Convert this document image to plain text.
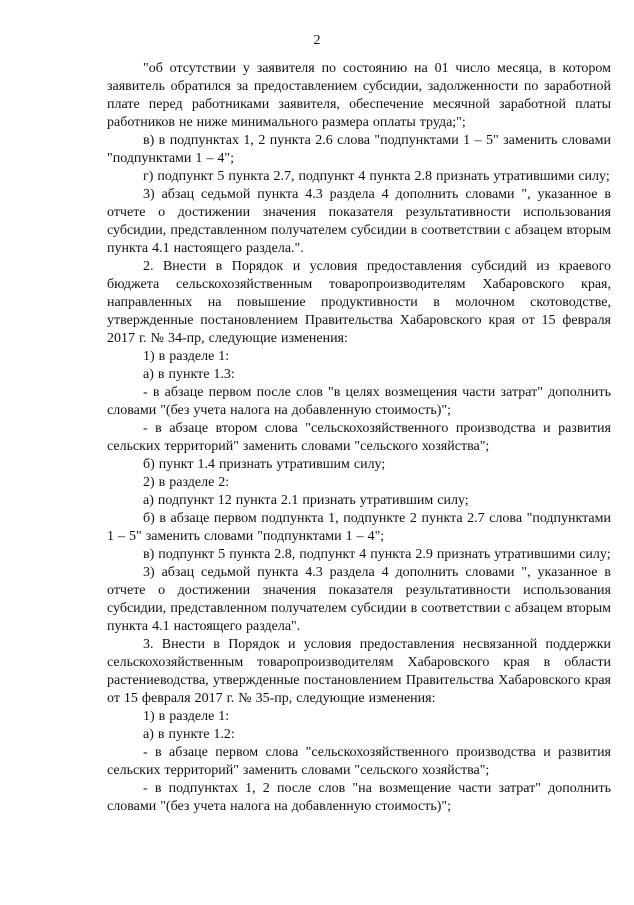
2

"об отсутствии у заявителя по состоянию на 01 число месяца, в котором заявитель обратился за предоставлением субсидии, задолженности по заработной плате перед работниками заявителя, обеспечение месячной заработной платы работников не ниже минимального размера оплаты труда;";

в) в подпунктах 1, 2 пункта 2.6 слова "подпунктами 1 – 5" заменить словами "подпунктами 1 – 4";

г) подпункт 5 пункта 2.7, подпункт 4 пункта 2.8 признать утратившими силу;

3) абзац седьмой пункта 4.3 раздела 4 дополнить словами ", указанное в отчете о достижении значения показателя результативности использования субсидии, представленном получателем субсидии в соответствии с абзацем вторым пункта 4.1 настоящего раздела.".

2. Внести в Порядок и условия предоставления субсидий из краевого бюджета сельскохозяйственным товаропроизводителям Хабаровского края, направленных на повышение продуктивности в молочном скотоводстве, утвержденные постановлением Правительства Хабаровского края от 15 февраля 2017 г. № 34-пр, следующие изменения:

1) в разделе 1:

а) в пункте 1.3:

- в абзаце первом после слов "в целях возмещения части затрат" дополнить словами "(без учета налога на добавленную стоимость)";

- в абзаце втором слова "сельскохозяйственного производства и развития сельских территорий" заменить словами "сельского хозяйства";

б) пункт 1.4 признать утратившим силу;

2) в разделе 2:

а) подпункт 12 пункта 2.1 признать утратившим силу;

б) в абзаце первом подпункта 1, подпункте 2 пункта 2.7 слова "подпунктами 1 – 5" заменить словами "подпунктами 1 – 4";

в) подпункт 5 пункта 2.8, подпункт 4 пункта 2.9 признать утратившими силу;

3) абзац седьмой пункта 4.3 раздела 4 дополнить словами ", указанное в отчете о достижении значения показателя результативности использования субсидии, представленном получателем субсидии в соответствии с абзацем вторым пункта 4.1 настоящего раздела".

3. Внести в Порядок и условия предоставления несвязанной поддержки сельскохозяйственным товаропроизводителям Хабаровского края в области растениеводства, утвержденные постановлением Правительства Хабаровского края от 15 февраля 2017 г. № 35-пр, следующие изменения:

1) в разделе 1:

а) в пункте 1.2:

- в абзаце первом слова "сельскохозяйственного производства и развития сельских территорий" заменить словами "сельского хозяйства";

- в подпунктах 1, 2 после слов "на возмещение части затрат" дополнить словами "(без учета налога на добавленную стоимость)";
